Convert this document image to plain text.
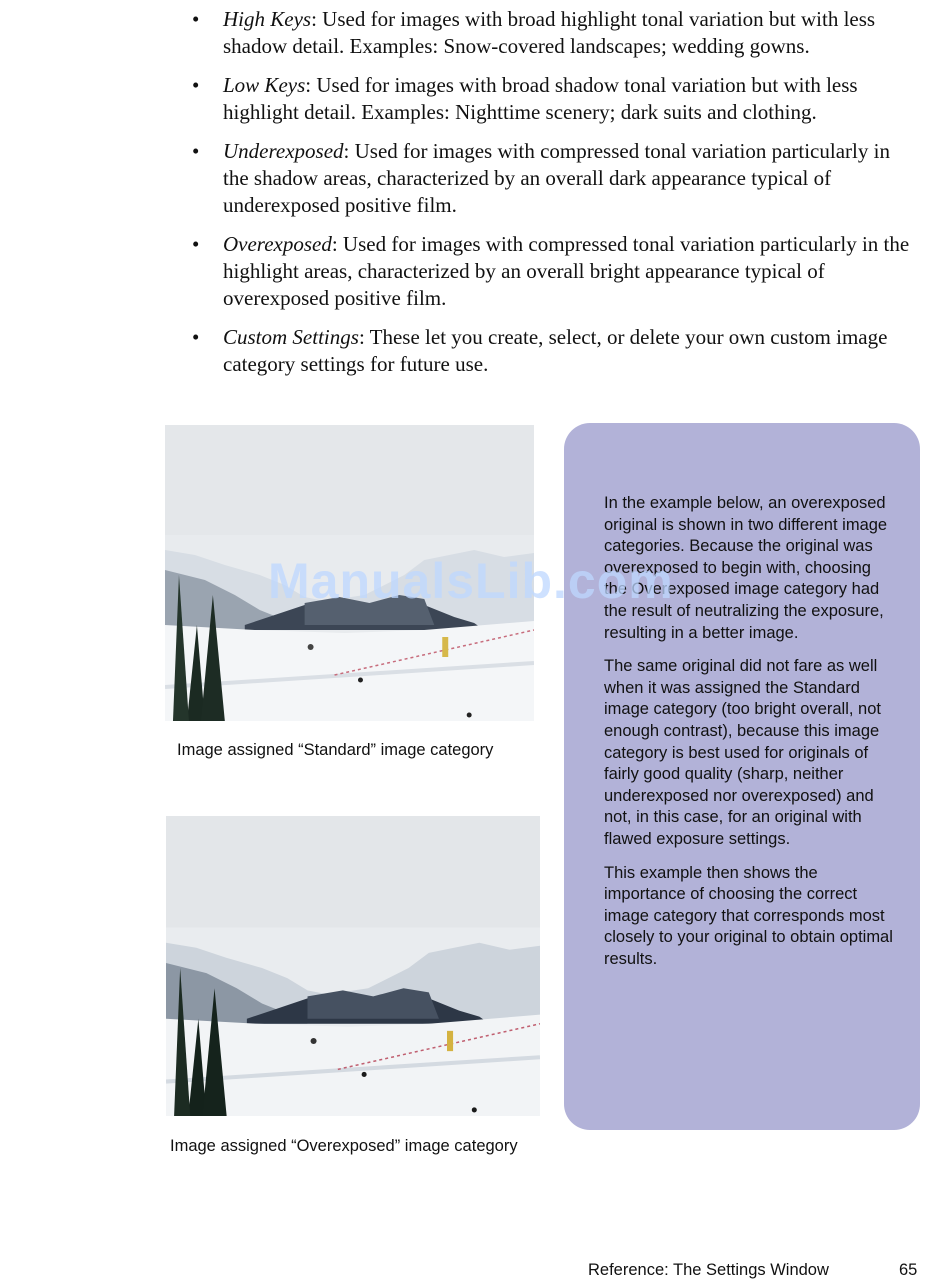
• High Keys: Used for images with broad highlight tonal variation but with less shadow detail. Examples: Snow-covered landscapes; wedding gowns.
• Low Keys: Used for images with broad shadow tonal variation but with less highlight detail. Examples: Nighttime scenery; dark suits and clothing.
• Underexposed: Used for images with compressed tonal variation particularly in the shadow areas, characterized by an overall dark appearance typical of underexposed positive film.
• Overexposed: Used for images with compressed tonal variation particularly in the highlight areas, characterized by an overall bright appearance typical of overexposed positive film.
• Custom Settings: These let you create, select, or delete your own custom image category settings for future use.
Image assigned “Standard” image category
Image assigned “Overexposed” image category

In the example below, an overexposed original is shown in two different image categories. Because the original was overexposed to begin with, choosing the Overexposed image category had the result of neutralizing the exposure, resulting in a better image.

The same original did not fare as well when it was assigned the Standard image category (too bright overall, not enough contrast), because this image category is best used for originals of fairly good quality (sharp, neither underexposed nor overexposed) and not, in this case, for an original with flawed exposure settings.

This example then shows the importance of choosing the correct image category that corresponds most closely to your original to obtain optimal results.

ManualsLib.com
Reference: The Settings Window	65
